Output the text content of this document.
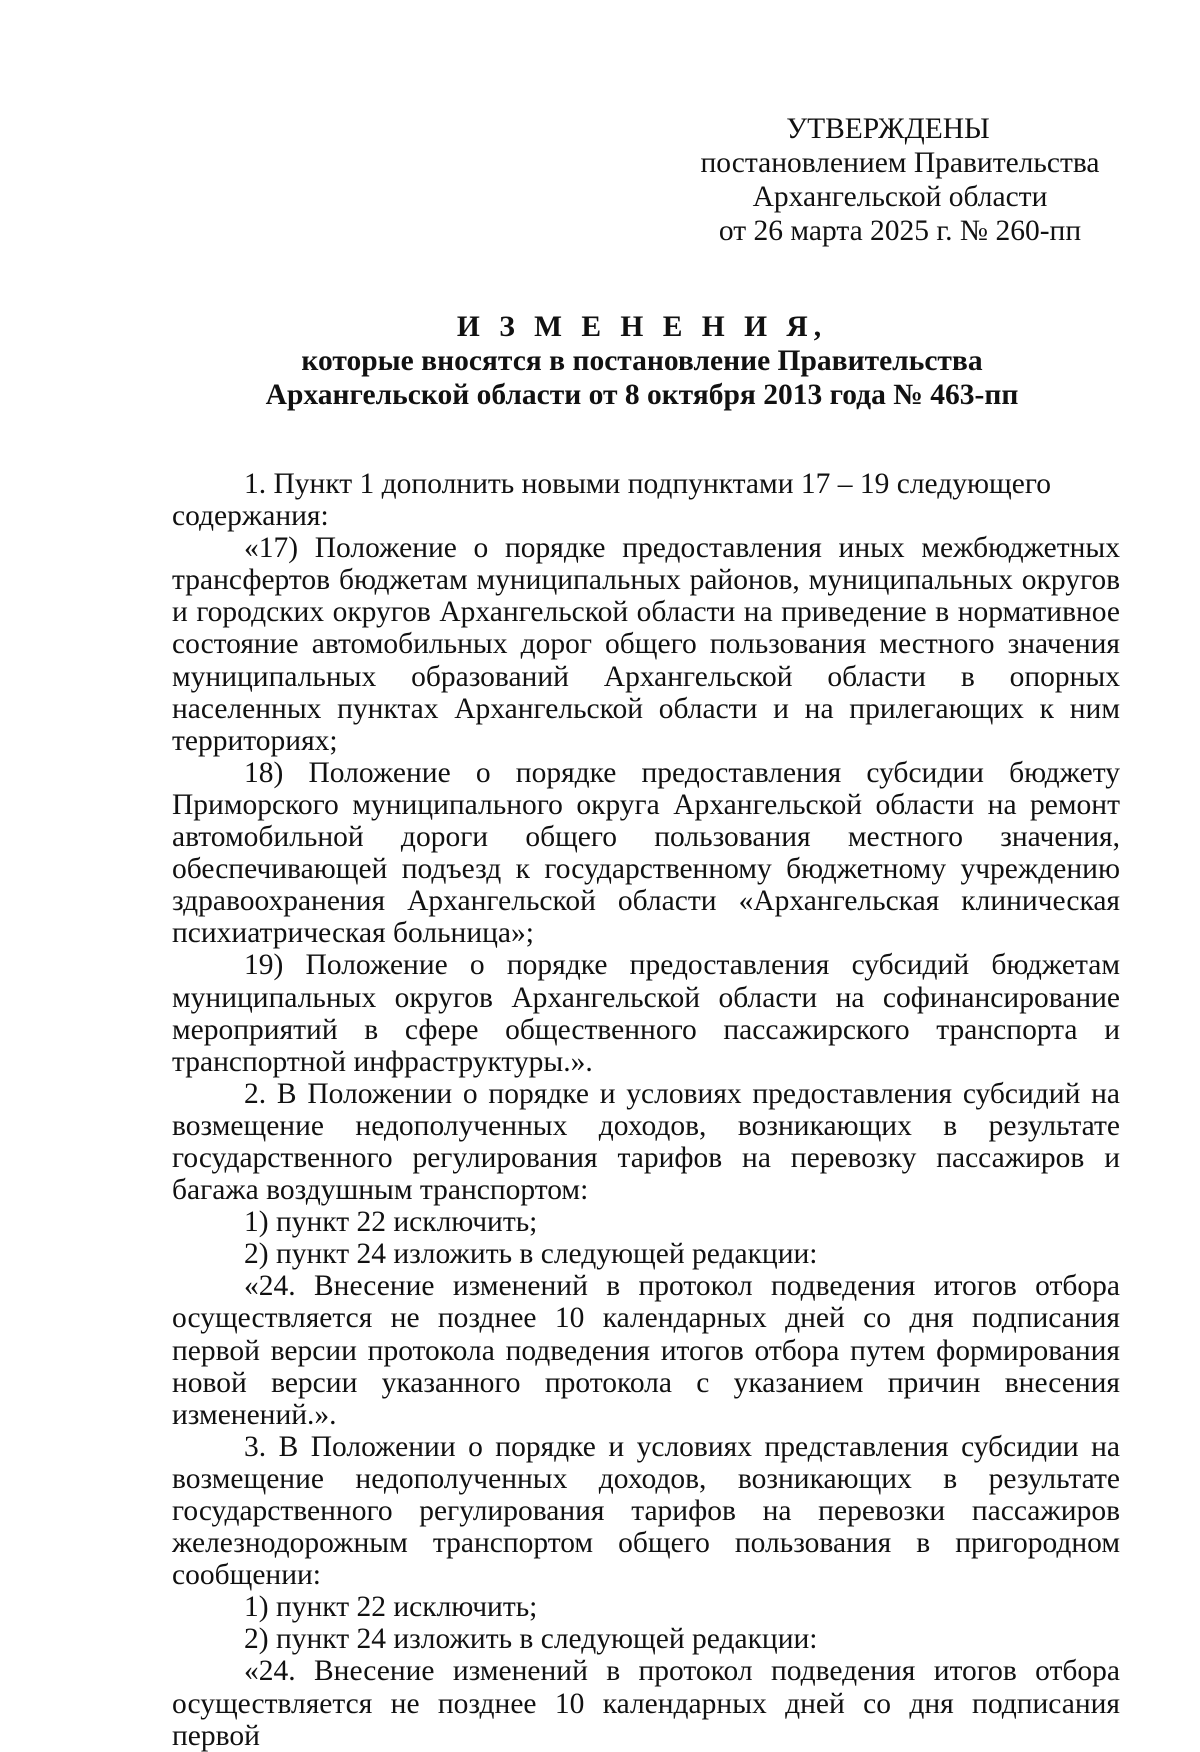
УТВЕРЖДЕНЫ
постановлением Правительства
Архангельской области
от 26 марта 2025 г. № 260-пп
И З М Е Н Е Н И Я,
которые вносятся в постановление Правительства
Архангельской области от 8 октября 2013 года № 463-пп

1. Пункт 1 дополнить новыми подпунктами 17 – 19 следующего содержания:

«17) Положение о порядке предоставления иных межбюджетных трансфертов бюджетам муниципальных районов, муниципальных округов и городских округов Архангельской области на приведение в нормативное состояние автомобильных дорог общего пользования местного значения муниципальных образований Архангельской области в опорных населенных пунктах Архангельской области и на прилегающих к ним территориях;

18) Положение о порядке предоставления субсидии бюджету Приморского муниципального округа Архангельской области на ремонт автомобильной дороги общего пользования местного значения, обеспечивающей подъезд к государственному бюджетному учреждению здравоохранения Архангельской области «Архангельская клиническая психиатрическая больница»;

19) Положение о порядке предоставления субсидий бюджетам муниципальных округов Архангельской области на софинансирование мероприятий в сфере общественного пассажирского транспорта и транспортной инфраструктуры.».

2. В Положении о порядке и условиях предоставления субсидий на возмещение недополученных доходов, возникающих в результате государственного регулирования тарифов на перевозку пассажиров и багажа воздушным транспортом:

1) пункт 22 исключить;

2) пункт 24 изложить в следующей редакции:

«24. Внесение изменений в протокол подведения итогов отбора осуществляется не позднее 10 календарных дней со дня подписания первой версии протокола подведения итогов отбора путем формирования новой версии указанного протокола с указанием причин внесения изменений.».

3. В Положении о порядке и условиях представления субсидии на возмещение недополученных доходов, возникающих в результате государственного регулирования тарифов на перевозки пассажиров железнодорожным транспортом общего пользования в пригородном сообщении:

1) пункт 22 исключить;

2) пункт 24 изложить в следующей редакции:

«24. Внесение изменений в протокол подведения итогов отбора осуществляется не позднее 10 календарных дней со дня подписания первой
